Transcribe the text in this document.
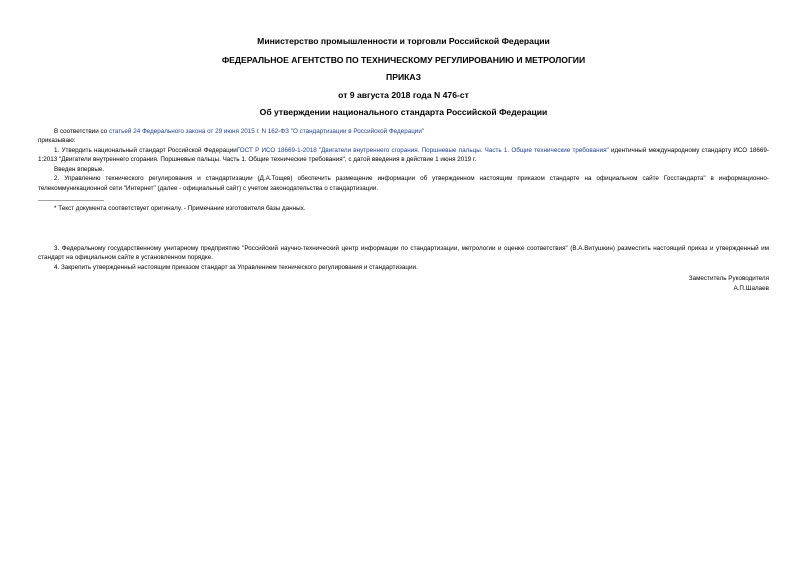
Министерство промышленности и торговли Российской Федерации
ФЕДЕРАЛЬНОЕ АГЕНТСТВО ПО ТЕХНИЧЕСКОМУ РЕГУЛИРОВАНИЮ И МЕТРОЛОГИИ
ПРИКАЗ
от 9 августа 2018 года N 476-ст
Об утверждении национального стандарта Российской Федерации

В соответствии со статьей 24 Федерального закона от 29 июня 2015 г. N 162-ФЗ "О стандартизации в Российской Федерации"

приказываю:

1. Утвердить национальный стандарт Российской ФедерацииГОСТ Р ИСО 18669-1-2018 "Двигатели внутреннего сгорания. Поршневые пальцы. Часть 1. Общие технические требования" идентичный международному стандарту ИСО 18669-1:2013 "Двигатели внутреннего сгорания. Поршневые пальцы. Часть 1. Общие технические требования", с датой введения в действие 1 июня 2019 г.

Введен впервые.

2. Управлению технического регулирования и стандартизации (Д.А.Тощев) обеспечить размещение информации об утвержденном настоящим приказом стандарте на официальном сайте Госстандарта" в информационно-телекоммуникационной сети "Интернет" (далее - официальный сайт) с учетом законодательства о стандартизации.

* Текст документа соответствует оригиналу. - Примечание изготовителя базы данных.

3. Федеральному государственному унитарному предприятию "Российский научно-технический центр информации по стандартизации, метрологии и оценке соответствия" (В.А.Витушкин) разместить настоящий приказ и утвержденный им стандарт на официальном сайте в установленном порядке.

4. Закрепить утвержденный настоящим приказом стандарт за Управлением технического регулирования и стандартизации.

Заместитель Руководителя

А.П.Шалаев
